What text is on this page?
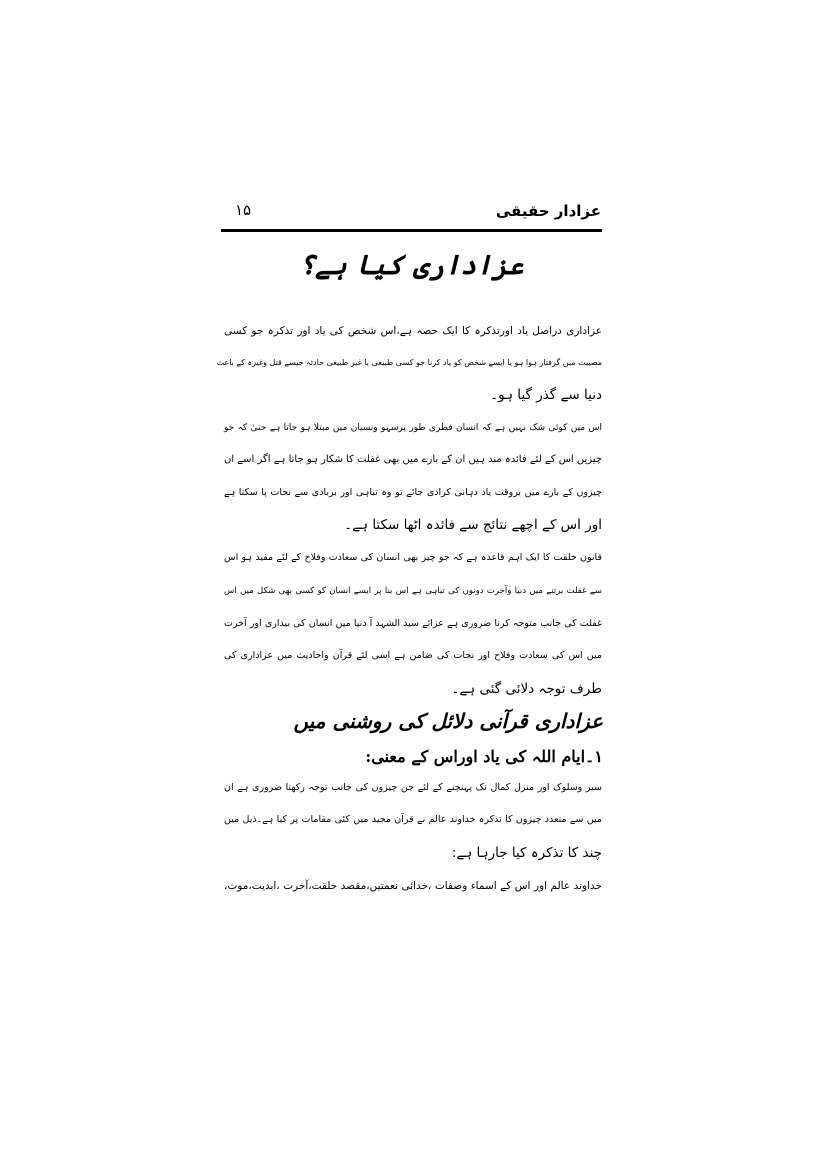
عزادار حقیقی
۱۵
عزاداری کیا ہے؟
عزاداری دراصل یاد اورتذکرہ کا ایک حصہ ہے،اس شخص کی یاد اور تذکرہ جو کسی
مصیبت میں گرفتار ہوا ہو یا ایسے شخص کو یاد کرنا جو کسی طبیعی یا غیر طبیعی حادثہ جیسے قتل وغیرہ کے باعث
دنیا سے گذر گیا ہو۔
اس میں کوئی شک نہیں ہے کہ انسان فطری طور پرسہو ونسیان میں مبتلا ہو جاتا ہے حتیٰ کہ جو
چیزیں اس کے لئے فائدہ مند ہیں ان کے بارے میں بھی غفلت کا شکار ہو جاتا ہے اگر اسے ان
چیزوں کے بارے میں بروقت یاد دہانی کرادی جائے تو وہ تباہی اور بربادی سے نجات پا سکتا ہے
اور اس کے اچھے نتائج سے فائدہ اٹھا سکتا ہے۔
قانون خلقت کا ایک اہم قاعدہ ہے کہ جو چیز بھی انسان کی سعادت وفلاح کے لئے مفید ہو اس
سے غفلت برتنے میں دنیا وآخرت دونوں کی تباہی ہے اس بنا پر ایسے انسان کو کسی بھی شکل میں اس
غفلت کی جانب متوجہ کرنا ضروری ہے عزائے سید الشہد آ دنیا میں انسان کی بیداری اور آخرت
میں اس کی سعادت وفلاح اور نجات کی ضامن ہے اسی لئے قرآن واحادیث میں عزاداری کی
طرف توجہ دلائی گئی ہے۔
عزاداری قرآنی دلائل کی روشنی میں
۱۔ایام اللہ کی یاد اوراس کے معنی:
سیر وسلوک اور منزل کمال تک پہنچنے کے لئے جن چیزوں کی جانب توجہ رکھنا ضروری ہے ان
میں سے متعدد چیزوں کا تذکرہ خداوند عالم نے قرآن مجید میں کئی مقامات پر کیا ہے۔ذیل میں
چند کا تذکرہ کیا جارہا ہے:
خداوند عالم اور اس کے اسماء وصفات ،خدائی نعمتیں،مقصد خلقت،آخرت ،ابدیت،موت،
